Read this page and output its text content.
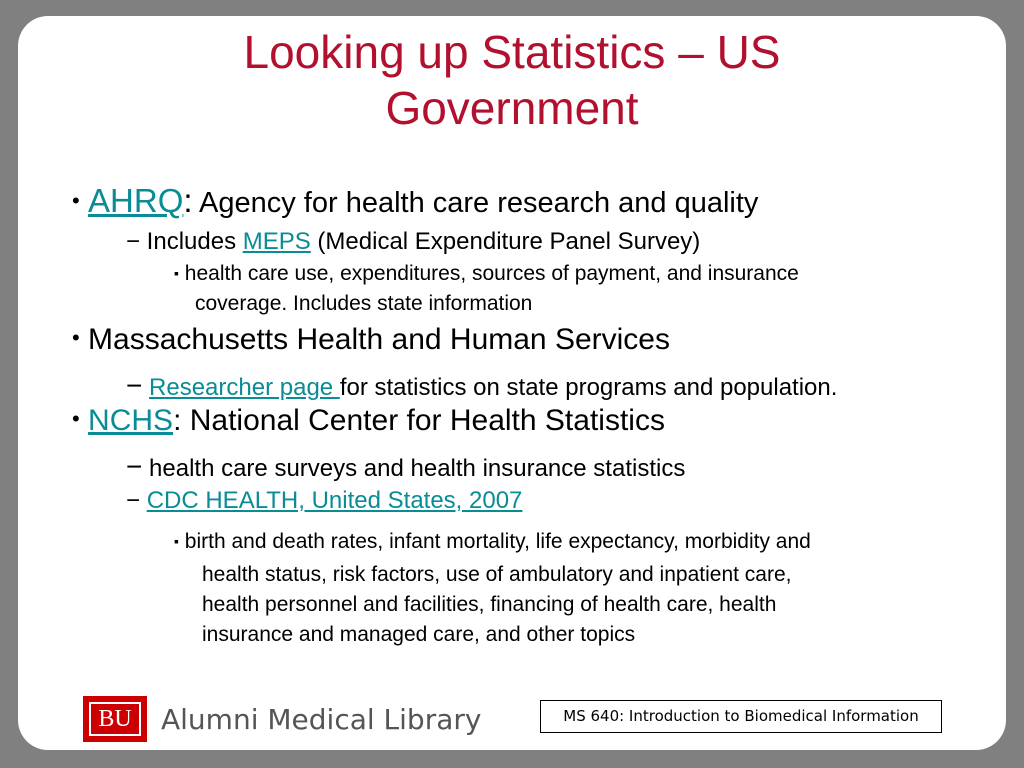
Looking up Statistics – US
Government
• AHRQ: Agency for health care research and quality
− Includes MEPS (Medical Expenditure Panel Survey)
▪ health care use, expenditures, sources of payment, and insurance
coverage. Includes state information
• Massachusetts Health and Human Services
− Researcher page for statistics on state programs and population.
• NCHS: National Center for Health Statistics
− health care surveys and health insurance statistics
− CDC HEALTH, United States, 2007
▪ birth and death rates, infant mortality, life expectancy, morbidity and
health status, risk factors, use of ambulatory and inpatient care,
health personnel and facilities, financing of health care, health
insurance and managed care, and other topics
BU	Alumni Medical Library	MS 640: Introduction to Biomedical Information
